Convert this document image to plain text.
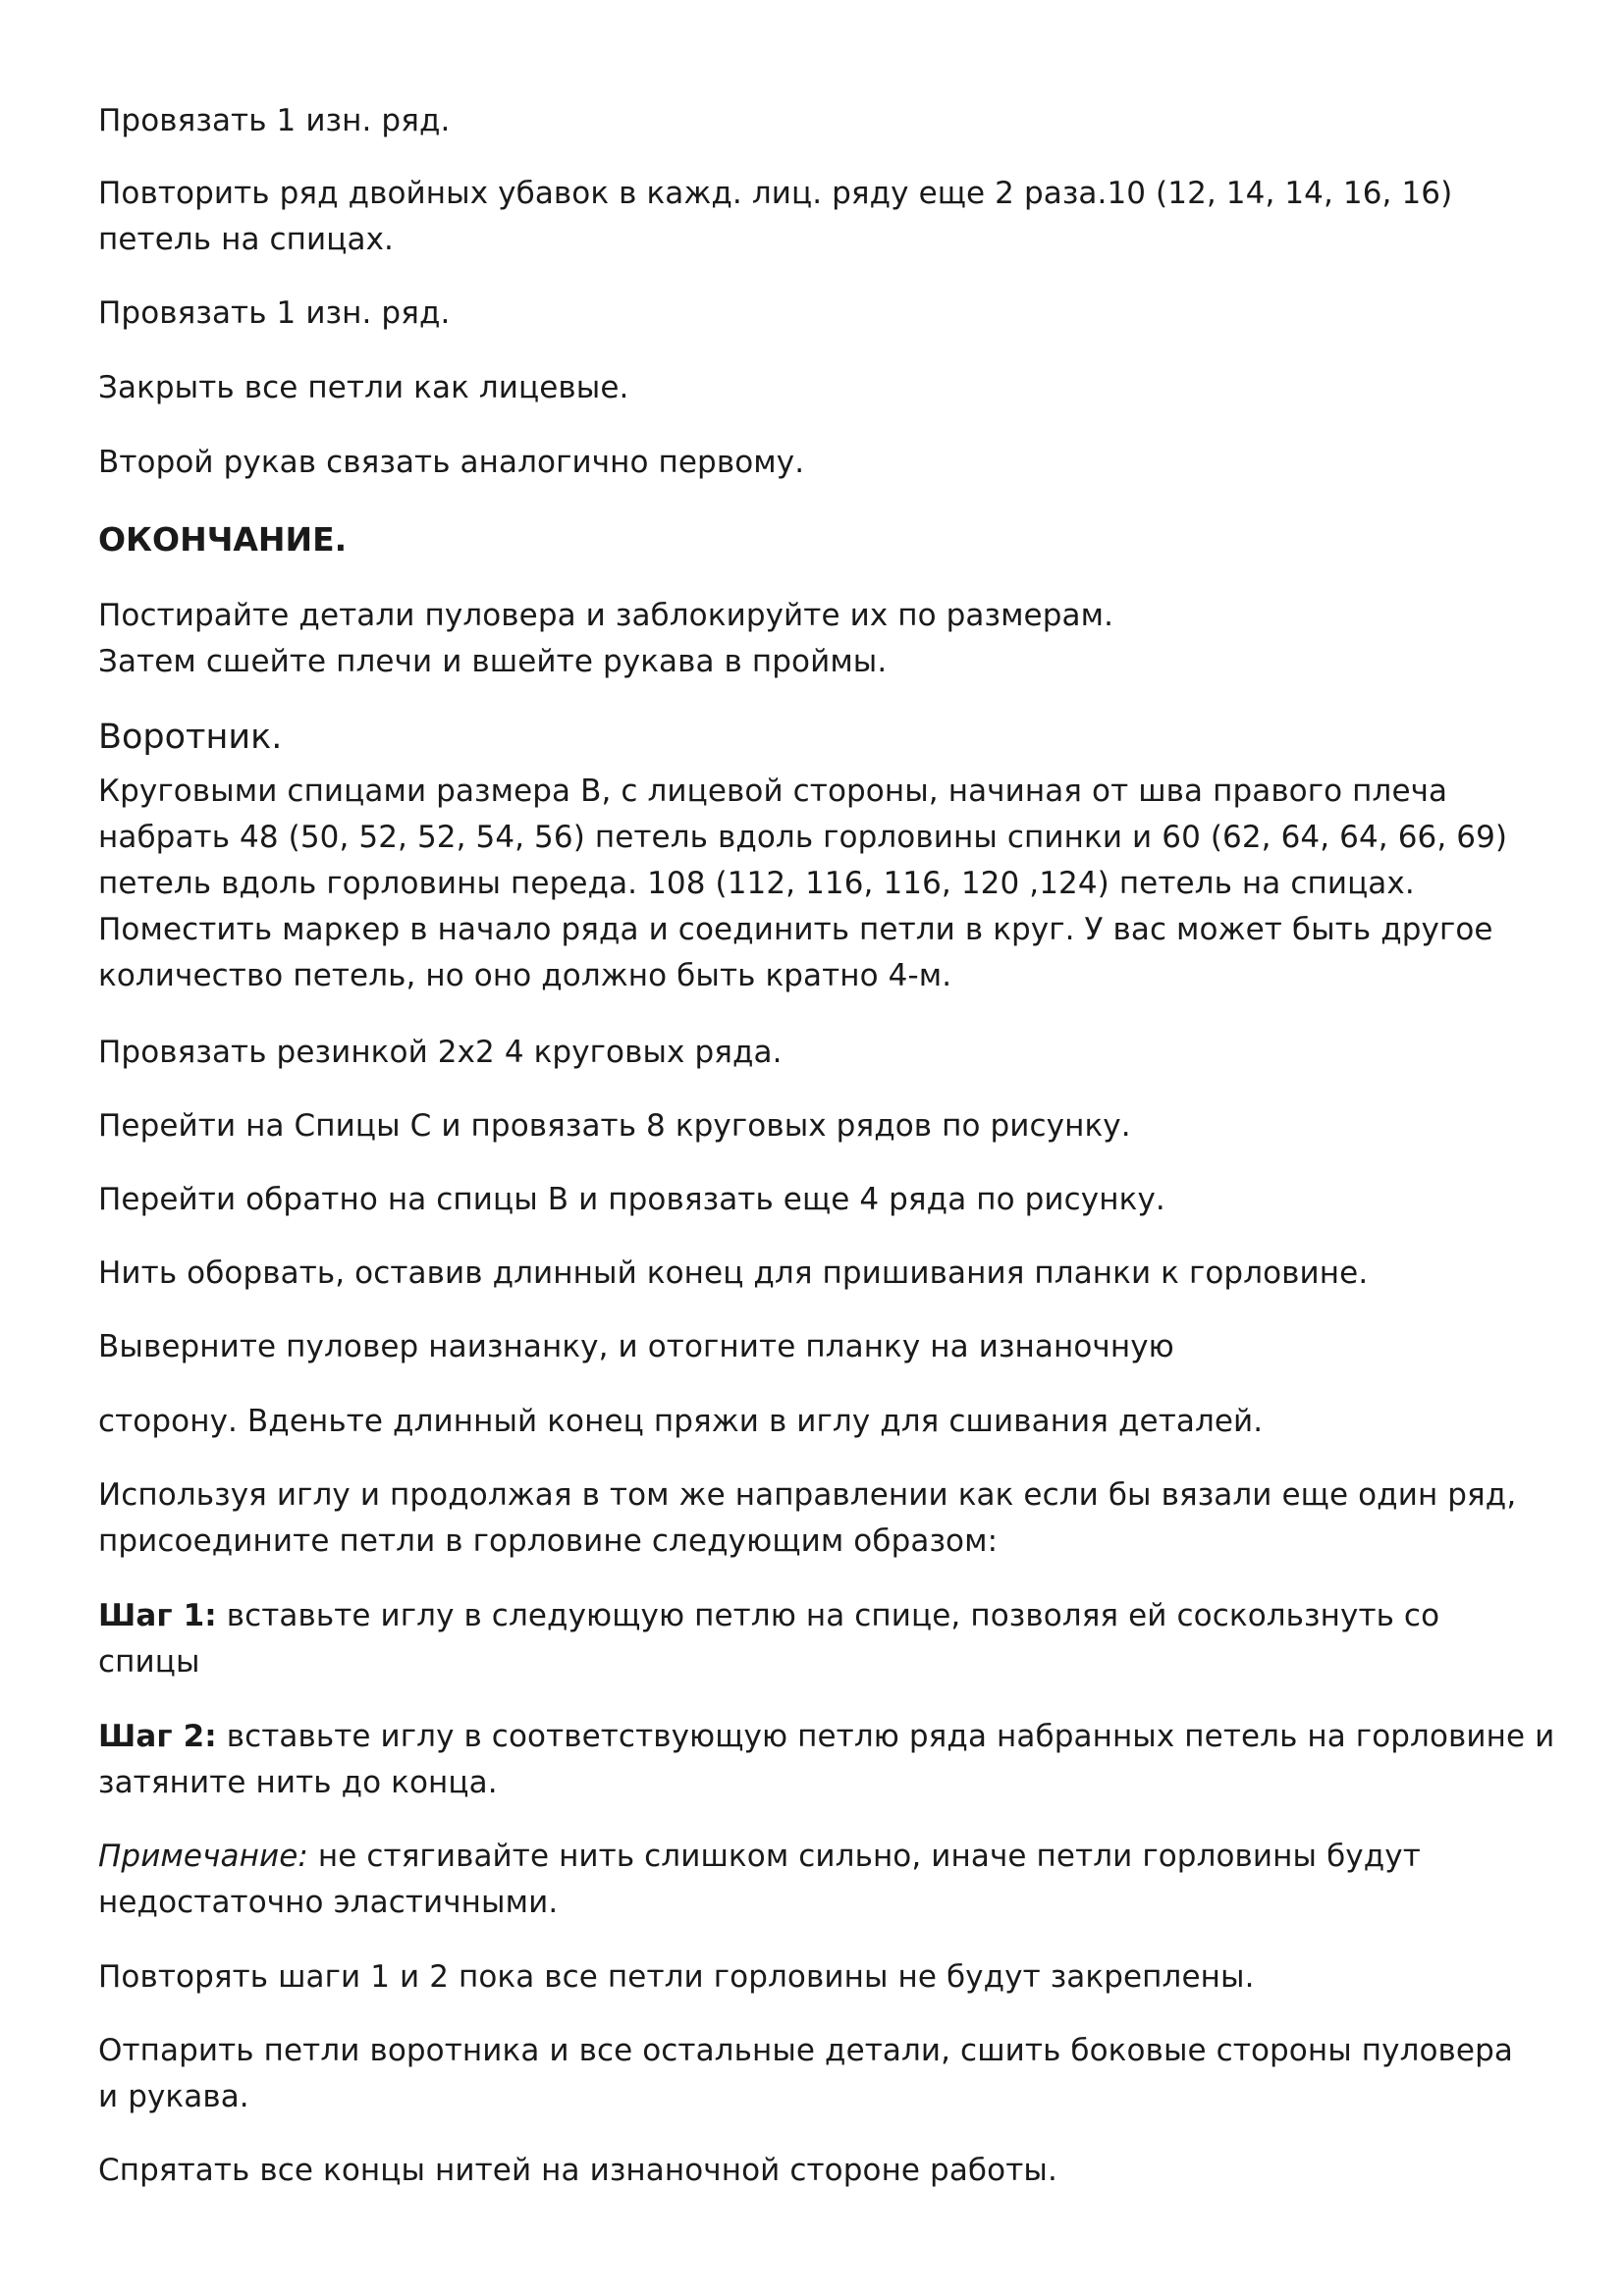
Провязать 1 изн. ряд.

Повторить ряд двойных убавок в кажд. лиц. ряду еще 2 раза.10 (12, 14, 14, 16, 16)
петель на спицах.

Провязать 1 изн. ряд.

Закрыть все петли как лицевые.

Второй рукав связать аналогично первому.

ОКОНЧАНИЕ.

Постирайте детали пуловера и заблокируйте их по размерам.
Затем сшейте плечи и вшейте рукава в проймы.

Воротник.

Круговыми спицами размера В, с лицевой стороны, начиная от шва правого плеча
набрать 48 (50, 52, 52, 54, 56) петель вдоль горловины спинки и 60 (62, 64, 64, 66, 69)
петель вдоль горловины переда. 108 (112, 116, 116, 120 ,124) петель на спицах.
Поместить маркер в начало ряда и соединить петли в круг. У вас может быть другое
количество петель, но оно должно быть кратно 4-м.

Провязать резинкой 2х2 4 круговых ряда.

Перейти на Спицы С и провязать 8 круговых рядов по рисунку.

Перейти обратно на спицы В и провязать еще 4 ряда по рисунку.

Нить оборвать, оставив длинный конец для пришивания планки к горловине.

Выверните пуловер наизнанку, и отогните планку на изнаночную

сторону. Вденьте длинный конец пряжи в иглу для сшивания деталей.

Используя иглу и продолжая в том же направлении как если бы вязали еще один ряд,
присоедините петли в горловине следующим образом:

Шаг 1: вставьте иглу в следующую петлю на спице, позволяя ей соскользнуть со
спицы

Шаг 2: вставьте иглу в соответствующую петлю ряда набранных петель на горловине и
затяните нить до конца.

Примечание: не стягивайте нить слишком сильно, иначе петли горловины будут
недостаточно эластичными.

Повторять шаги 1 и 2 пока все петли горловины не будут закреплены.

Отпарить петли воротника и все остальные детали, сшить боковые стороны пуловера
и рукава.

Спрятать все концы нитей на изнаночной стороне работы.
